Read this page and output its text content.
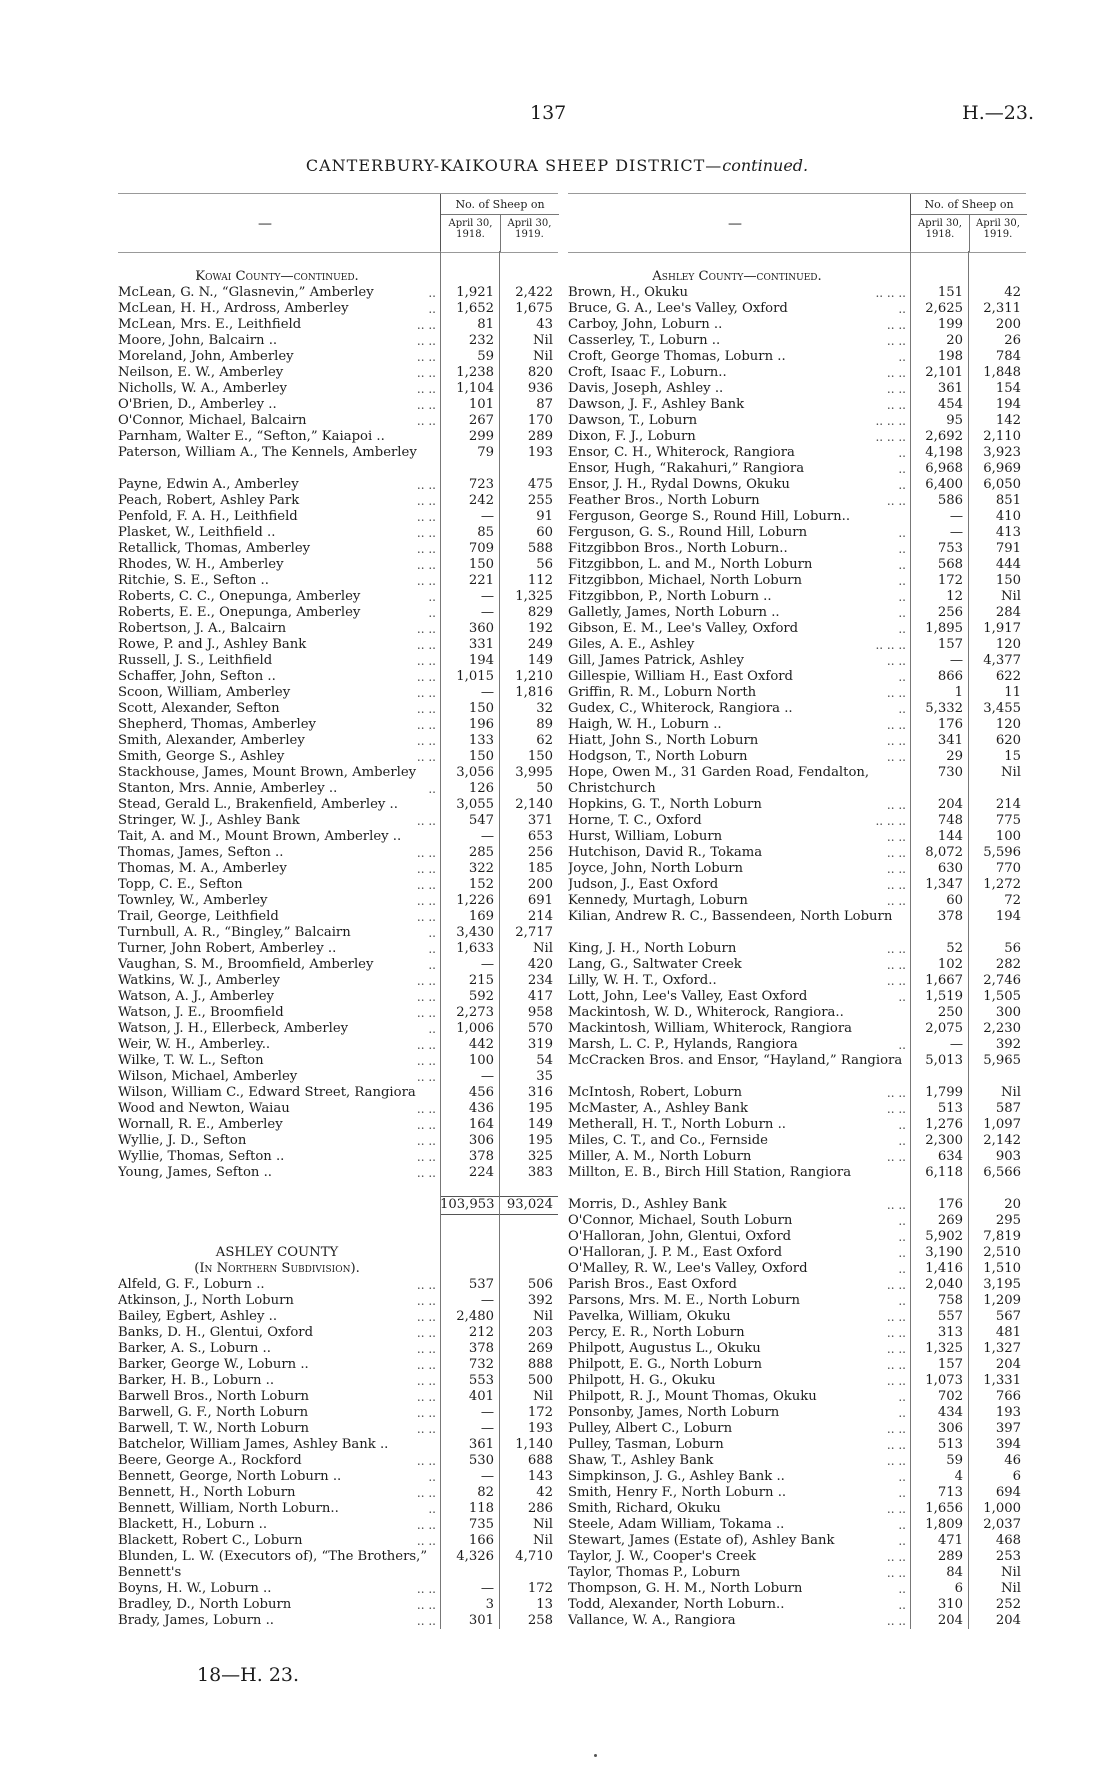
137	H.—23.
CANTERBURY-KAIKOURA SHEEP DISTRICT—continued.
—
No. of Sheep on
April 30,
1918.
April 30,
1919.
Kowai County—continued.
McLean, G. N., “Glasnevin,” Amberley	..	1,921	2,422
McLean, H. H., Ardross, Amberley	..	1,652	1,675
McLean, Mrs. E., Leithfield	.. ..	81	43
Moore, John, Balcairn ..	.. ..	232	Nil
Moreland, John, Amberley	.. ..	59	Nil
Neilson, E. W., Amberley	.. ..	1,238	820
Nicholls, W. A., Amberley	.. ..	1,104	936
O'Brien, D., Amberley ..	.. ..	101	87
O'Connor, Michael, Balcairn	.. ..	267	170
Parnham, Walter E., “Sefton,” Kaiapoi ..	299	289
Paterson, William A., The Kennels, Amberley	79	193
Payne, Edwin A., Amberley	.. ..	723	475
Peach, Robert, Ashley Park	.. ..	242	255
Penfold, F. A. H., Leithfield	.. ..	—	91
Plasket, W., Leithfield ..	.. ..	85	60
Retallick, Thomas, Amberley	.. ..	709	588
Rhodes, W. H., Amberley	.. ..	150	56
Ritchie, S. E., Sefton ..	.. ..	221	112
Roberts, C. C., Onepunga, Amberley	..	—	1,325
Roberts, E. E., Onepunga, Amberley	..	—	829
Robertson, J. A., Balcairn	.. ..	360	192
Rowe, P. and J., Ashley Bank	.. ..	331	249
Russell, J. S., Leithfield	.. ..	194	149
Schaffer, John, Sefton ..	.. ..	1,015	1,210
Scoon, William, Amberley	.. ..	—	1,816
Scott, Alexander, Sefton	.. ..	150	32
Shepherd, Thomas, Amberley	.. ..	196	89
Smith, Alexander, Amberley	.. ..	133	62
Smith, George S., Ashley	.. ..	150	150
Stackhouse, James, Mount Brown, Amberley	3,056	3,995
Stanton, Mrs. Annie, Amberley ..	..	126	50
Stead, Gerald L., Brakenfield, Amberley ..	3,055	2,140
Stringer, W. J., Ashley Bank	.. ..	547	371
Tait, A. and M., Mount Brown, Amberley ..	—	653
Thomas, James, Sefton ..	.. ..	285	256
Thomas, M. A., Amberley	.. ..	322	185
Topp, C. E., Sefton	.. ..	152	200
Townley, W., Amberley	.. ..	1,226	691
Trail, George, Leithfield	.. ..	169	214
Turnbull, A. R., “Bingley,” Balcairn	..	3,430	2,717
Turner, John Robert, Amberley ..	..	1,633	Nil
Vaughan, S. M., Broomfield, Amberley	..	—	420
Watkins, W. J., Amberley	.. ..	215	234
Watson, A. J., Amberley	.. ..	592	417
Watson, J. E., Broomfield	.. ..	2,273	958
Watson, J. H., Ellerbeck, Amberley	..	1,006	570
Weir, W. H., Amberley..	.. ..	442	319
Wilke, T. W. L., Sefton	.. ..	100	54
Wilson, Michael, Amberley	.. ..	—	35
Wilson, William C., Edward Street, Rangiora	456	316
Wood and Newton, Waiau	.. ..	436	195
Wornall, R. E., Amberley	.. ..	164	149
Wyllie, J. D., Sefton	.. ..	306	195
Wyllie, Thomas, Sefton ..	.. ..	378	325
Young, James, Sefton ..	.. ..	224	383
103,953 93,024
ASHLEY COUNTY
(In Northern Subdivision).
Alfeld, G. F., Loburn ..	.. ..	537	506
Atkinson, J., North Loburn	.. ..	—	392
Bailey, Egbert, Ashley ..	.. ..	2,480	Nil
Banks, D. H., Glentui, Oxford	.. ..	212	203
Barker, A. S., Loburn ..	.. ..	378	269
Barker, George W., Loburn ..	.. ..	732	888
Barker, H. B., Loburn ..	.. ..	553	500
Barwell Bros., North Loburn	.. ..	401	Nil
Barwell, G. F., North Loburn	.. ..	—	172
Barwell, T. W., North Loburn	.. ..	—	193
Batchelor, William James, Ashley Bank ..	361	1,140
Beere, George A., Rockford	.. ..	530	688
Bennett, George, North Loburn ..	..	—	143
Bennett, H., North Loburn	.. ..	82	42
Bennett, William, North Loburn..	..	118	286
Blackett, H., Loburn ..	.. ..	735	Nil
Blackett, Robert C., Loburn	.. ..	166	Nil
Blunden, L. W. (Executors of), “The Brothers,” Bennett's
4,326	4,710
Boyns, H. W., Loburn ..	.. ..	—	172
Bradley, D., North Loburn	.. ..	3	13
Brady, James, Loburn ..	.. ..	301	258
—
No. of Sheep on
April 30,
1918.
April 30,
1919.
Ashley County—continued.
Brown, H., Okuku	.. .. ..	151	42
Bruce, G. A., Lee's Valley, Oxford	..	2,625	2,311
Carboy, John, Loburn ..	.. ..	199	200
Casserley, T., Loburn ..	.. ..	20	26
Croft, George Thomas, Loburn ..	..	198	784
Croft, Isaac F., Loburn..	.. ..	2,101	1,848
Davis, Joseph, Ashley ..	.. ..	361	154
Dawson, J. F., Ashley Bank	.. ..	454	194
Dawson, T., Loburn	.. .. ..	95	142
Dixon, F. J., Loburn	.. .. ..	2,692	2,110
Ensor, C. H., Whiterock, Rangiora	..	4,198	3,923
Ensor, Hugh, “Rakahuri,” Rangiora	..	6,968	6,969
Ensor, J. H., Rydal Downs, Okuku	..	6,400	6,050
Feather Bros., North Loburn	.. ..	586	851
Ferguson, George S., Round Hill, Loburn..	—	410
Ferguson, G. S., Round Hill, Loburn	..	—	413
Fitzgibbon Bros., North Loburn..	..	753	791
Fitzgibbon, L. and M., North Loburn	..	568	444
Fitzgibbon, Michael, North Loburn	..	172	150
Fitzgibbon, P., North Loburn ..	..	12	Nil
Galletly, James, North Loburn ..	..	256	284
Gibson, E. M., Lee's Valley, Oxford	..	1,895	1,917
Giles, A. E., Ashley	.. .. ..	157	120
Gill, James Patrick, Ashley	.. ..	—	4,377
Gillespie, William H., East Oxford	..	866	622
Griffin, R. M., Loburn North	.. ..	1	11
Gudex, C., Whiterock, Rangiora ..	..	5,332	3,455
Haigh, W. H., Loburn ..	.. ..	176	120
Hiatt, John S., North Loburn	.. ..	341	620
Hodgson, T., North Loburn	.. ..	29	15
Hope, Owen M., 31 Garden Road, Fendalton, Christchurch
730	Nil
Hopkins, G. T., North Loburn	.. ..	204	214
Horne, T. C., Oxford	.. .. ..	748	775
Hurst, William, Loburn	.. ..	144	100
Hutchison, David R., Tokama	.. ..	8,072	5,596
Joyce, John, North Loburn	.. ..	630	770
Judson, J., East Oxford	.. ..	1,347	1,272
Kennedy, Murtagh, Loburn	.. ..	60	72
Kilian, Andrew R. C., Bassendeen, North Loburn	378	194
King, J. H., North Loburn	.. ..	52	56
Lang, G., Saltwater Creek	.. ..	102	282
Lilly, W. H. T., Oxford..	.. ..	1,667	2,746
Lott, John, Lee's Valley, East Oxford	..	1,519	1,505
Mackintosh, W. D., Whiterock, Rangiora..	250	300
Mackintosh, William, Whiterock, Rangiora	2,075	2,230
Marsh, L. C. P., Hylands, Rangiora	..	—	392
McCracken Bros. and Ensor, “Hayland,” Rangiora	5,013	5,965
McIntosh, Robert, Loburn	.. ..	1,799	Nil
McMaster, A., Ashley Bank	.. ..	513	587
Metherall, H. T., North Loburn ..	..	1,276	1,097
Miles, C. T., and Co., Fernside	..	2,300	2,142
Miller, A. M., North Loburn	.. ..	634	903
Millton, E. B., Birch Hill Station, Rangiora	6,118	6,566
Morris, D., Ashley Bank	.. ..	176	20
O'Connor, Michael, South Loburn	..	269	295
O'Halloran, John, Glentui, Oxford	..	5,902	7,819
O'Halloran, J. P. M., East Oxford	..	3,190	2,510
O'Malley, R. W., Lee's Valley, Oxford	..	1,416	1,510
Parish Bros., East Oxford	.. ..	2,040	3,195
Parsons, Mrs. M. E., North Loburn	..	758	1,209
Pavelka, William, Okuku	.. ..	557	567
Percy, E. R., North Loburn	.. ..	313	481
Philpott, Augustus L., Okuku	.. ..	1,325	1,327
Philpott, E. G., North Loburn	.. ..	157	204
Philpott, H. G., Okuku	.. ..	1,073	1,331
Philpott, R. J., Mount Thomas, Okuku	..	702	766
Ponsonby, James, North Loburn	..	434	193
Pulley, Albert C., Loburn	.. ..	306	397
Pulley, Tasman, Loburn	.. ..	513	394
Shaw, T., Ashley Bank	.. ..	59	46
Simpkinson, J. G., Ashley Bank ..	..	4	6
Smith, Henry F., North Loburn ..	..	713	694
Smith, Richard, Okuku	.. ..	1,656	1,000
Steele, Adam William, Tokama ..	..	1,809	2,037
Stewart, James (Estate of), Ashley Bank	..	471	468
Taylor, J. W., Cooper's Creek	.. ..	289	253
Taylor, Thomas P., Loburn	.. ..	84	Nil
Thompson, G. H. M., North Loburn	..	6	Nil
Todd, Alexander, North Loburn..	..	310	252
Vallance, W. A., Rangiora	.. ..	204	204
18—H. 23.
